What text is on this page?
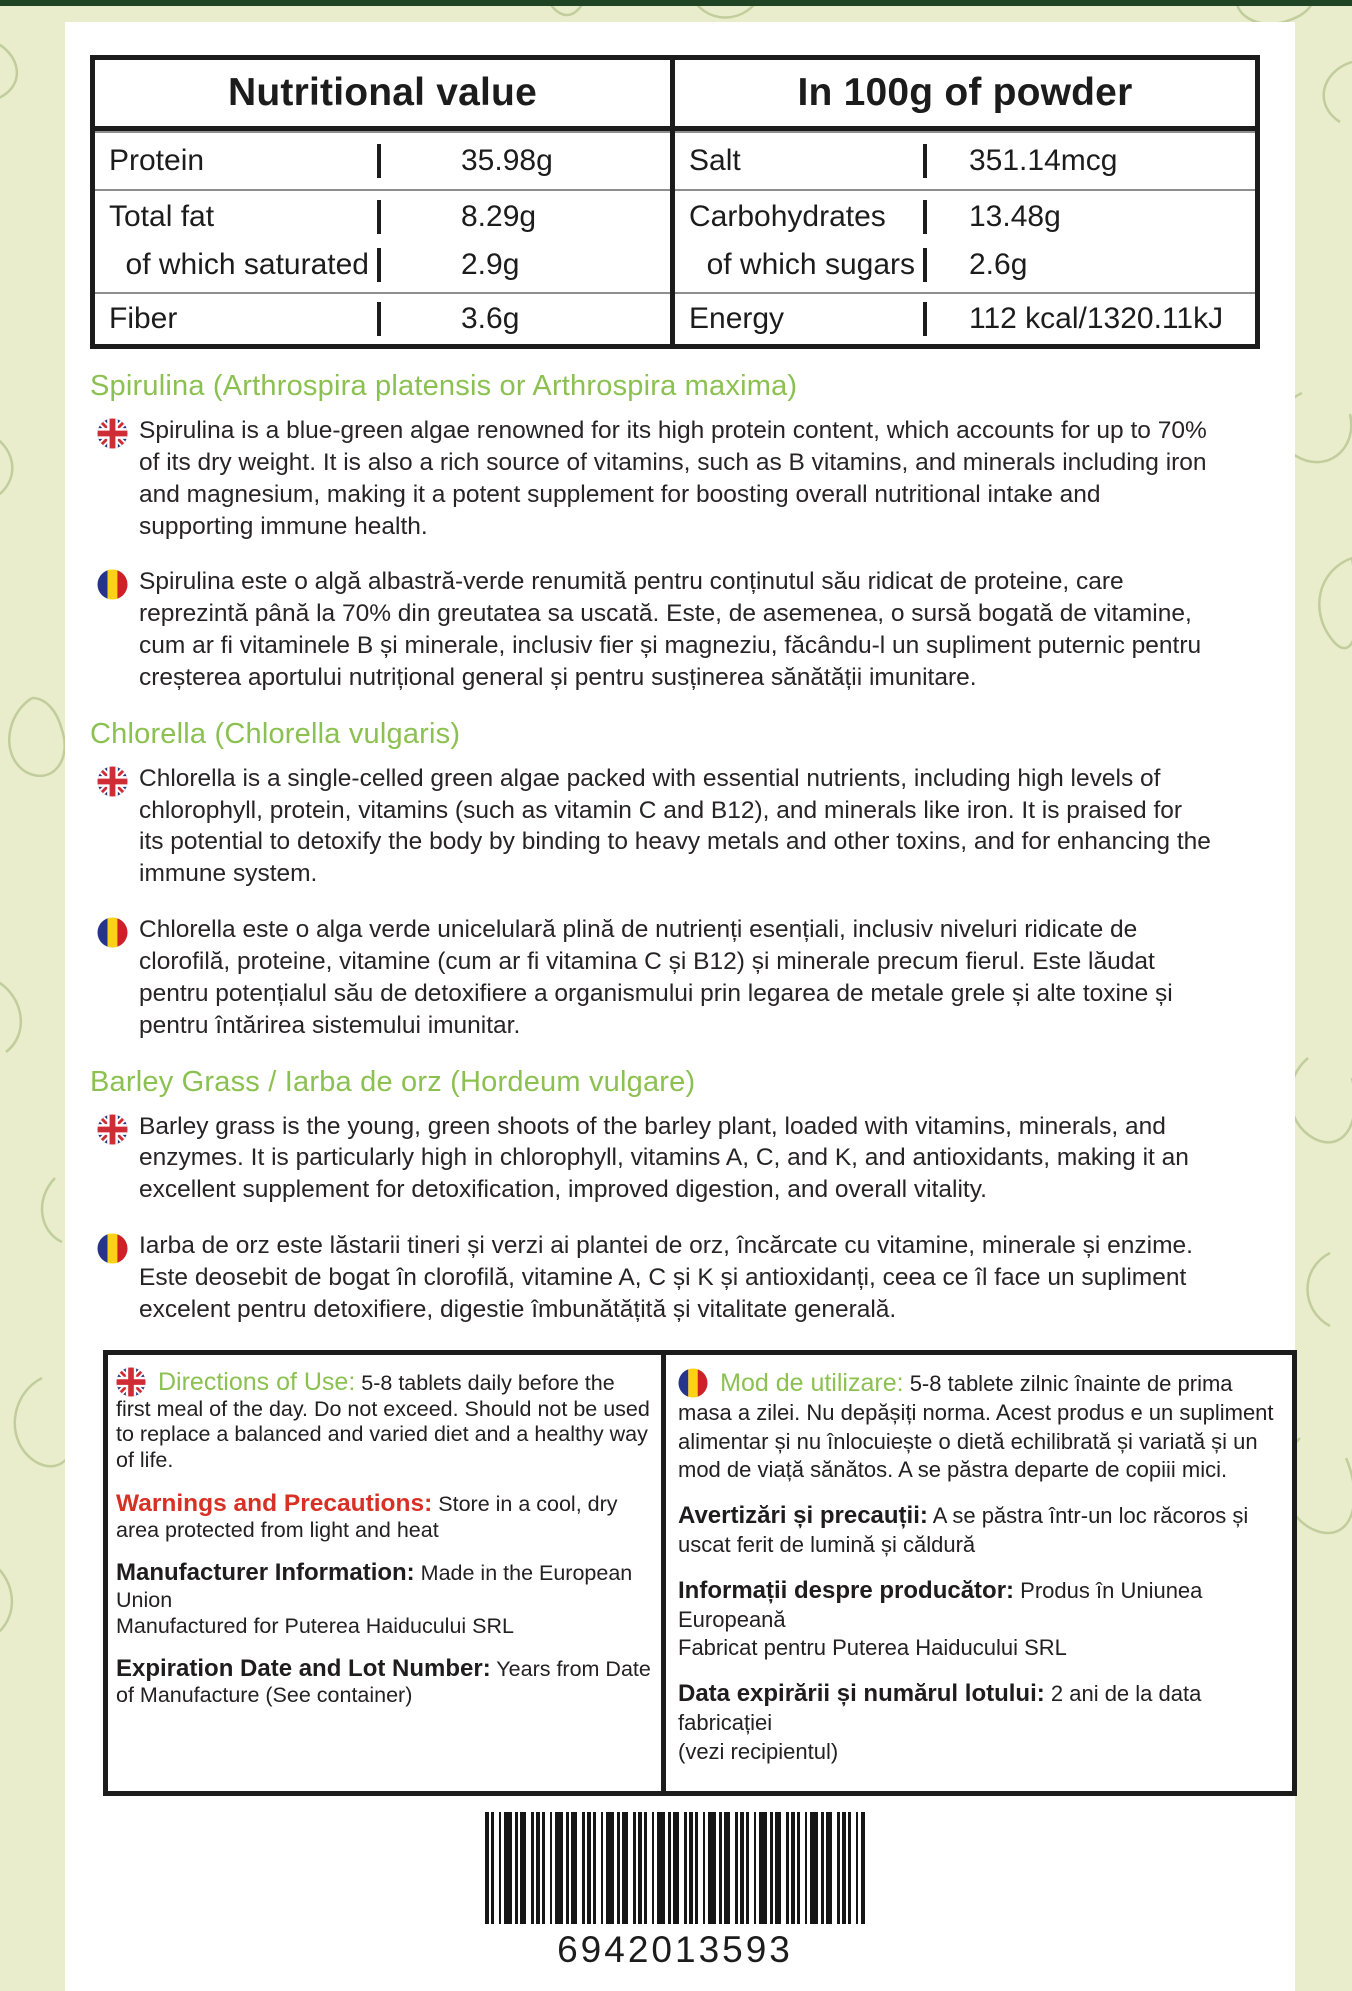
Nutritional value
Protein	35.98g
Total fat	8.29g
of which saturated	2.9g
Fiber	3.6g
In 100g of powder
Salt	351.14mcg
Carbohydrates	13.48g
of which sugars	2.6g
Energy	112 kcal/1320.11kJ
Spirulina (Arthrospira platensis or Arthrospira maxima)
Spirulina is a blue-green algae renowned for its high protein content, which accounts for up to 70% of its dry weight. It is also a rich source of vitamins, such as B vitamins, and minerals including iron and magnesium, making it a potent supplement for boosting overall nutritional intake and supporting immune health.
Spirulina este o algă albastră-verde renumită pentru conținutul său ridicat de proteine, care reprezintă până la 70% din greutatea sa uscată. Este, de asemenea, o sursă bogată de vitamine, cum ar fi vitaminele B și minerale, inclusiv fier și magneziu, făcându-l un supliment puternic pentru creșterea aportului nutrițional general și pentru susținerea sănătății imunitare.
Chlorella (Chlorella vulgaris)
Chlorella is a single-celled green algae packed with essential nutrients, including high levels of chlorophyll, protein, vitamins (such as vitamin C and B12), and minerals like iron. It is praised for its potential to detoxify the body by binding to heavy metals and other toxins, and for enhancing the immune system.
Chlorella este o alga verde unicelulară plină de nutrienți esențiali, inclusiv niveluri ridicate de clorofilă, proteine, vitamine (cum ar fi vitamina C și B12) și minerale precum fierul. Este lăudat pentru potențialul său de detoxifiere a organismului prin legarea de metale grele și alte toxine și pentru întărirea sistemului imunitar.
Barley Grass / Iarba de orz (Hordeum vulgare)
Barley grass is the young, green shoots of the barley plant, loaded with vitamins, minerals, and enzymes. It is particularly high in chlorophyll, vitamins A, C, and K, and antioxidants, making it an excellent supplement for detoxification, improved digestion, and overall vitality.
Iarba de orz este lăstarii tineri și verzi ai plantei de orz, încărcate cu vitamine, minerale și enzime. Este deosebit de bogat în clorofilă, vitamine A, C și K și antioxidanți, ceea ce îl face un supliment excelent pentru detoxifiere, digestie îmbunătățită și vitalitate generală.

Directions of Use: 5-8 tablets daily before the first meal of the day. Do not exceed. Should not be used to replace a balanced and varied diet and a healthy way of life.

Warnings and Precautions: Store in a cool, dry area protected from light and heat

Manufacturer Information: Made in the European Union
Manufactured for Puterea Haiducului SRL

Expiration Date and Lot Number: Years from Date of Manufacture (See container)

Mod de utilizare: 5-8 tablete zilnic înainte de prima masa a zilei. Nu depășiți norma. Acest produs e un supliment alimentar și nu înlocuiește o dietă echilibrată și variată și un mod de viață sănătos. A se păstra departe de copiii mici.

Avertizări și precauții: A se păstra într-un loc răcoros și uscat ferit de lumină și căldură

Informații despre producător: Produs în Uniunea Europeană
Fabricat pentru Puterea Haiducului SRL

Data expirării și numărul lotului: 2 ani de la data fabricației
(vezi recipientul)

6942013593
